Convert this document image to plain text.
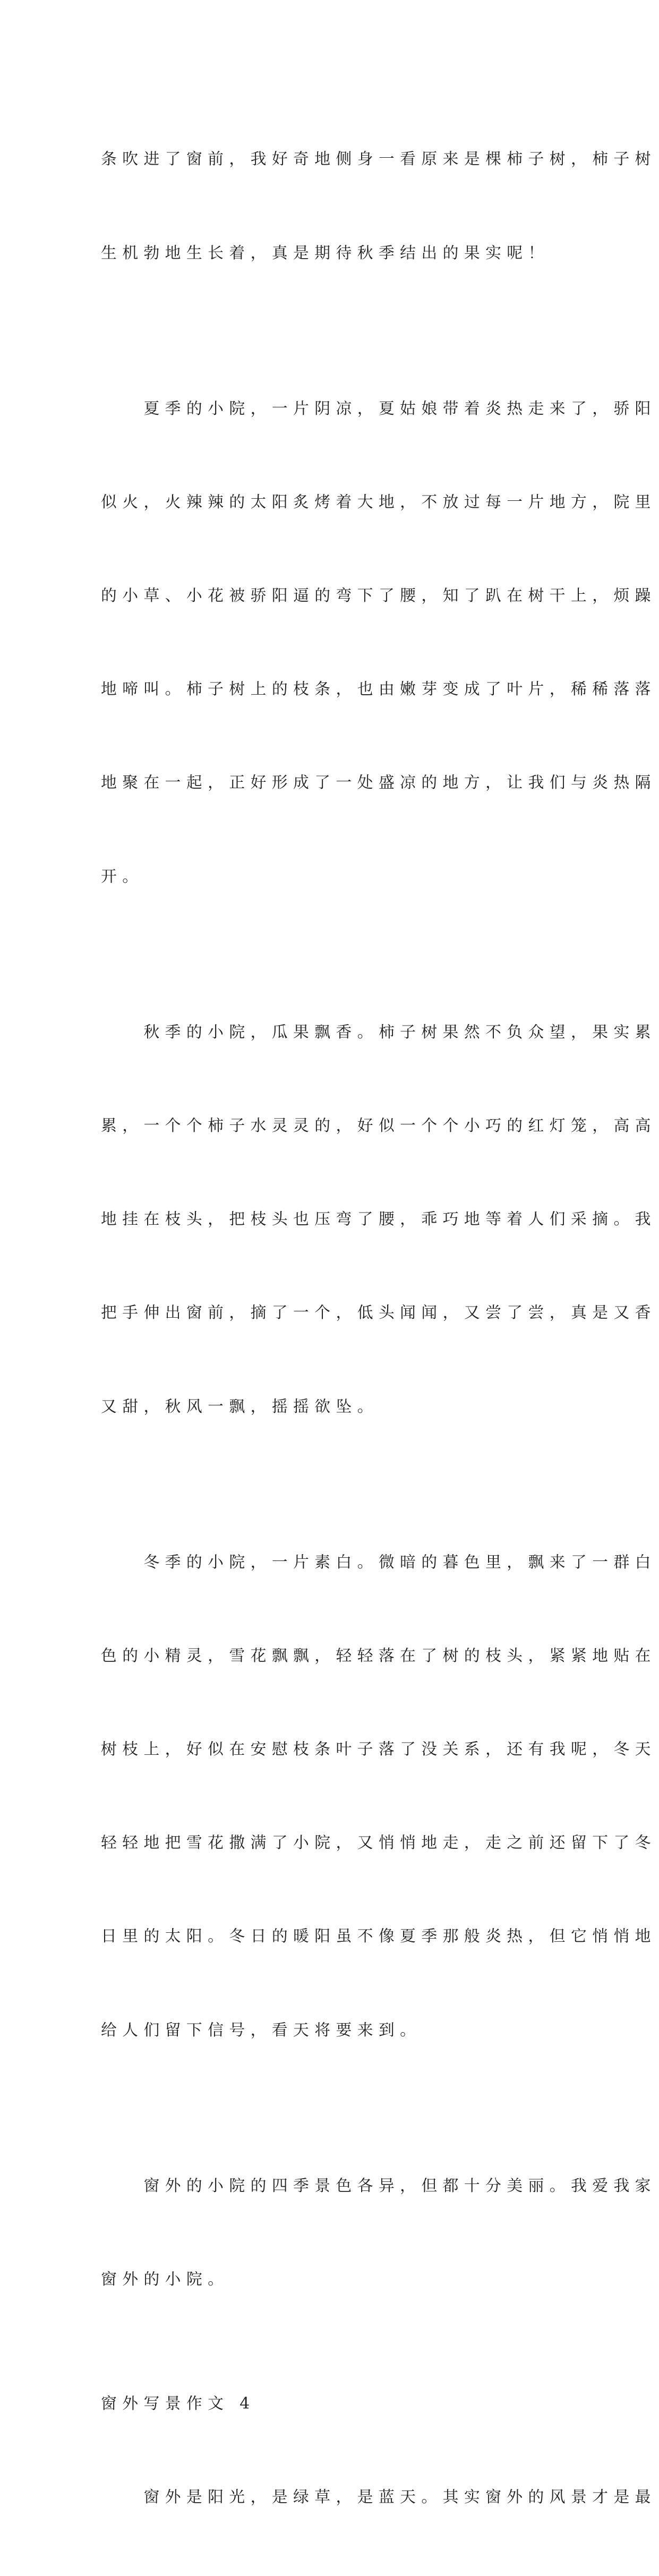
条吹进了窗前，我好奇地侧身一看原来是棵柿子树，柿子树

生机勃地生长着，真是期待秋季结出的果实呢！

夏季的小院，一片阴凉，夏姑娘带着炎热走来了，骄阳

似火，火辣辣的太阳炙烤着大地，不放过每一片地方，院里

的小草、小花被骄阳逼的弯下了腰，知了趴在树干上，烦躁

地啼叫。柿子树上的枝条，也由嫩芽变成了叶片，稀稀落落

地聚在一起，正好形成了一处盛凉的地方，让我们与炎热隔

开。

秋季的小院，瓜果飘香。柿子树果然不负众望，果实累

累，一个个柿子水灵灵的，好似一个个小巧的红灯笼，高高

地挂在枝头，把枝头也压弯了腰，乖巧地等着人们采摘。我

把手伸出窗前，摘了一个，低头闻闻，又尝了尝，真是又香

又甜，秋风一飘，摇摇欲坠。

冬季的小院，一片素白。微暗的暮色里，飘来了一群白

色的小精灵，雪花飘飘，轻轻落在了树的枝头，紧紧地贴在

树枝上，好似在安慰枝条叶子落了没关系，还有我呢，冬天

轻轻地把雪花撒满了小院，又悄悄地走，走之前还留下了冬

日里的太阳。冬日的暖阳虽不像夏季那般炎热，但它悄悄地

给人们留下信号，看天将要来到。

窗外的小院的四季景色各异，但都十分美丽。我爱我家

窗外的小院。

窗外写景作文 4

窗外是阳光，是绿草，是蓝天。其实窗外的风景才是最
